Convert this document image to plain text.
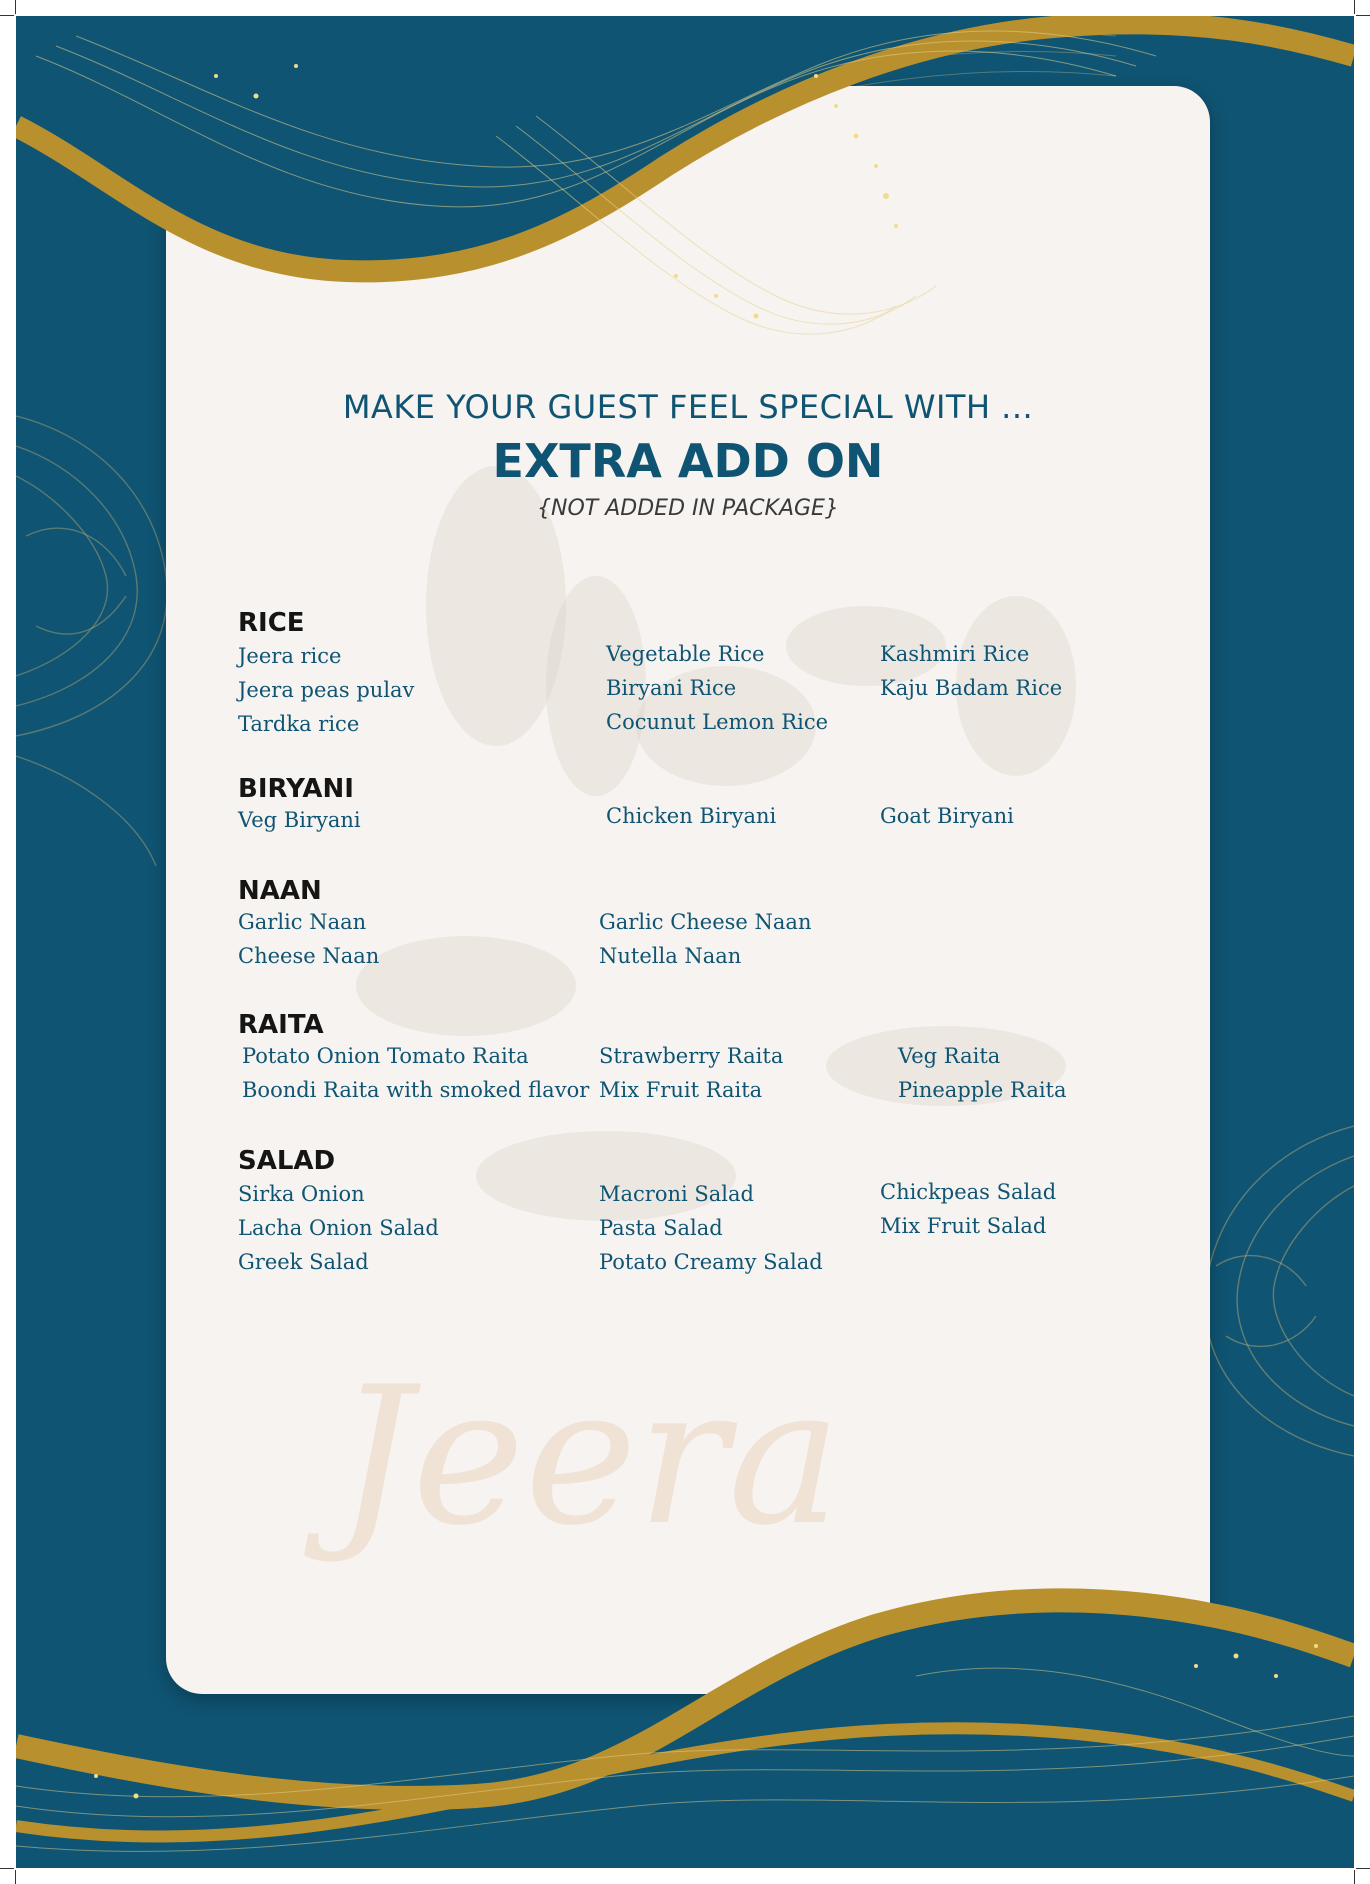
Jeera
MAKE YOUR GUEST FEEL SPECIAL WITH ...
EXTRA ADD ON
{NOT ADDED IN PACKAGE}
RICE
Jeera rice
Jeera peas pulav
Tardka rice
Vegetable Rice
Biryani Rice
Cocunut Lemon Rice
Kashmiri Rice
Kaju Badam Rice
BIRYANI
Veg Biryani	Chicken Biryani	Goat Biryani
NAAN
Garlic Naan
Cheese Naan
Garlic Cheese Naan
Nutella Naan
RAITA
Potato Onion Tomato Raita
Boondi Raita with smoked flavor
Strawberry Raita
Mix Fruit Raita
Veg Raita
Pineapple Raita
SALAD
Sirka Onion
Lacha Onion Salad
Greek Salad
Macroni Salad
Pasta Salad
Potato Creamy Salad
Chickpeas Salad
Mix Fruit Salad
